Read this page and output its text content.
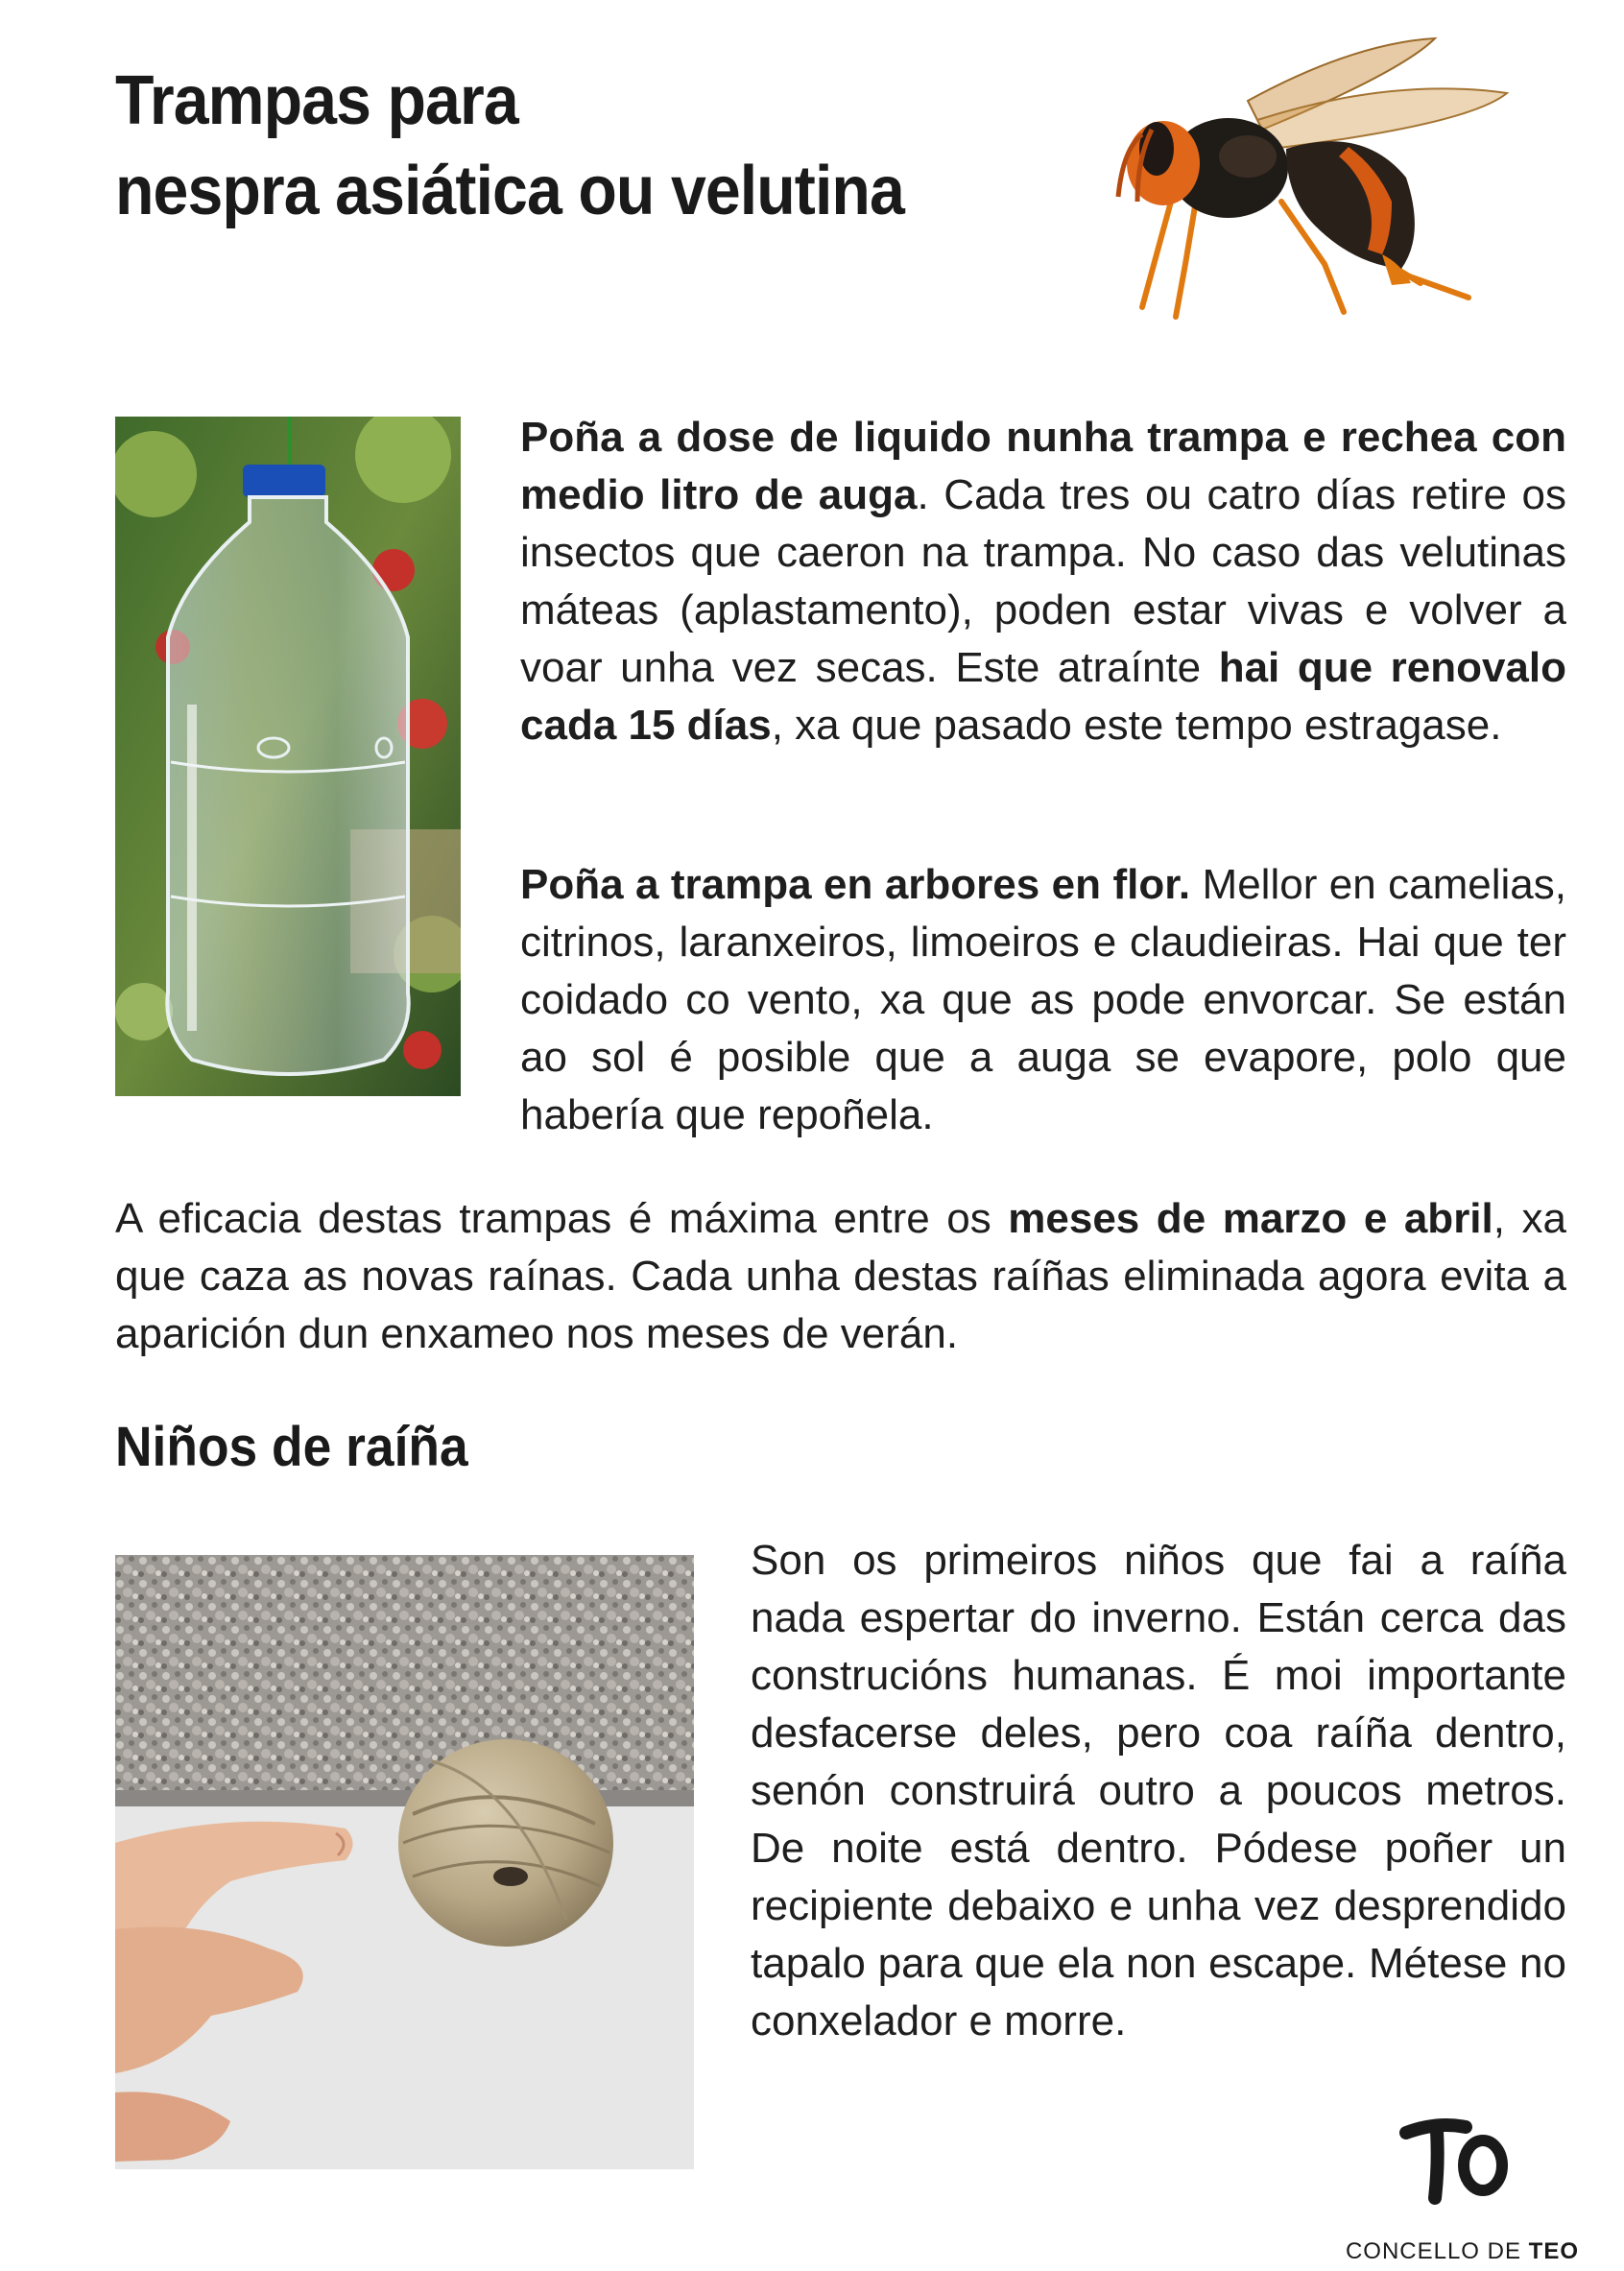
Trampas para
nespra asiática ou velutina

Poña a dose de liquido nunha trampa e rechea con medio litro de auga. Cada tres ou catro días retire os insectos que caeron na trampa. No caso das velutinas máteas (aplastamento), poden estar vivas e volver a voar unha vez secas. Este atraínte hai que renovalo cada 15 días, xa que pasado este tempo estragase.

Poña a trampa en arbores en flor. Mellor en camelias, citrinos, laranxeiros, limoeiros e claudieiras. Hai que ter coidado co vento, xa que as pode envorcar. Se están ao sol é posible que a auga se evapore, polo que habería que repoñela.

A eficacia destas trampas é máxima entre os meses de marzo e abril, xa que caza as novas raínas. Cada unha destas raíñas eliminada agora evita a aparición dun enxameo nos meses de verán.

Niños de raíña

Son os primeiros niños que fai a raíña nada espertar do inverno. Están cerca das construcións humanas. É moi importante desfacerse deles, pero coa raíña dentro, senón construirá outro a poucos metros. De noite está dentro. Pódese poñer un recipiente debaixo e unha vez desprendido tapalo para que ela non escape. Métese no conxelador e morre.

CONCELLO DE TEO
